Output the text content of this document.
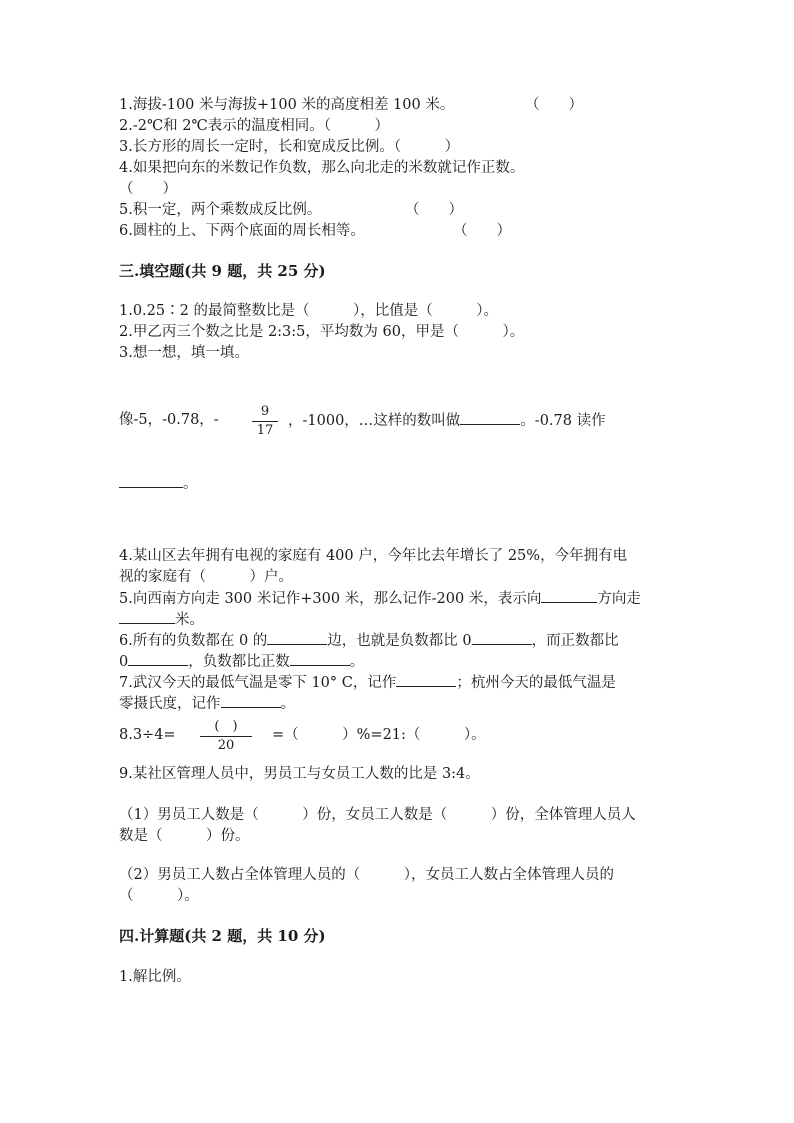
1.海拔-100 米与海拔+100 米的高度相差 100 米。	（　　）
2.-2℃和 2℃表示的温度相同。（　　　）
3.长方形的周长一定时，长和宽成反比例。（　　　）
4.如果把向东的米数记作负数，那么向北走的米数就记作正数。
（　　）
5.积一定，两个乘数成反比例。	（　　）
6.圆柱的上、下两个底面的周长相等。	（　　）
三.填空题(共 9 题，共 25 分)
1.0.25∶2 的最简整数比是（　　　），比值是（　　　）。
2.甲乙丙三个数之比是 2:3:5，平均数为 60，甲是（　　　）。
3.想一想，填一填。
像-5，-0.78，-
9
17
，-1000，…这样的数叫做	。-0.78 读作
。
4.某山区去年拥有电视的家庭有 400 户，今年比去年增长了 25%，今年拥有电
视的家庭有（　　　）户。
5.向西南方向走 300 米记作+300 米，那么记作-200 米，表示向	方向走
米。
6.所有的负数都在 0 的	边，也就是负数都比 0	，而正数都比
0	，负数都比正数	。
7.武汉今天的最低气温是零下 10° C，记作	；杭州今天的最低气温是
零摄氏度，记作	。
8.3÷4=
(　)
20
=（　　　）%=21:（　　　）。
9.某社区管理人员中，男员工与女员工人数的比是 3:4。
（1）男员工人数是（　　　）份，女员工人数是（　　　）份，全体管理人员人
数是（　　　）份。
（2）男员工人数占全体管理人员的（　　　），女员工人数占全体管理人员的
（　　　）。
四.计算题(共 2 题，共 10 分)
1.解比例。
